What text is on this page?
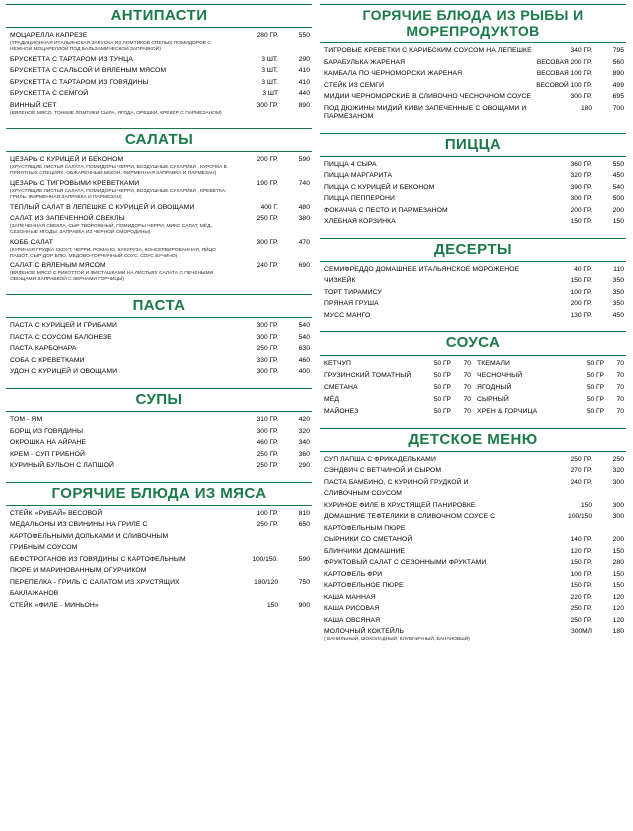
АНТИПАСТИ
МОЦАРЕЛЛА КАПРЕЗЕ
(ТРАДИЦИОННАЯ ИТАЛЬЯНСКАЯ ЗАКУСКА ИЗ ЛОМТИКОВ СПЕЛЫХ ПОМИДОРОВ С НЕЖНОЙ МОЦАРЕЛЛОЙ ПОД БАЛЬЗАМИЧЕСКОЙ ЗАПРАВКОЙ)
280 ГР.	550
БРУСКЕТТА С ТАРТАРОМ ИЗ ТУНЦА	3 ШТ.	290
БРУСКЕТТА С САЛЬСОЙ И ВЯЛЕНЫМ МЯСОМ	3 ШТ.	410
БРУСКЕТТА С ТАРТАРОМ ИЗ ГОВЯДИНЫ	3 ШТ.	410
БРУСКЕТТА С СЕМГОЙ	3 ШТ	440
ВИННЫЙ СЕТ
(ВЯЛЕНОЕ МЯСО, ТОНКИЕ ЛОМТИКИ СЫРА, ЯГОДА, ОРЕШКИ, КРЕКЕР С ПАРМЕЗАНОМ)
300 ГР.	890
САЛАТЫ
ЦЕЗАРЬ С КУРИЦЕЙ И БЕКОНОМ
(ХРУСТЯЩИЕ ЛИСТЬЯ САЛАТА, ПОМИДОРЫ ЧЕРРИ, ВОЗДУШНЫЕ СУХАРИКИ , КУРОЧКА В ПРИЯТНЫХ СПЕЦИЯХ, ОБЖАРЕННЫЙ БЕКОН, ФИРМЕННАЯ ЗАПРАВКА И ПАРМЕЗАН)
200 ГР.	590
ЦЕЗАРЬ С ТИГРОВЫМИ КРЕВЕТКАМИ
(ХРУСТЯЩИЕ ЛИСТЬЯ САЛАТА, ПОМИДОРЫ ЧЕРРИ, ВОЗДУШНЫЕ СУХАРИКИ , КРЕВЕТКА-ГРИЛЬ, ФИРМЕННАЯ ЗАПРАВКА И ПАРМЕЗАН)
190 ГР.	740
ТЕПЛЫЙ САЛАТ В ЛЕПЕШКЕ С КУРИЦЕЙ И ОВОЩАМИ	400 Г.	480
САЛАТ ИЗ ЗАПЕЧЕННОЙ СВЕКЛЫ
(ЗАПЕЧЕННАЯ СВЕКЛА, СЫР ТВОРОЖНЫЙ, ПОМИДОРЫ ЧЕРРИ, МИКС САЛАТ, МЁД, СЕЗОННЫЕ ЯГОДЫ, ЗАПРАВКА ИЗ ЧЕРНОЙ СМОРОДИНЫ)
250 ГР.	380
КОББ САЛАТ
(КУРИНАЯ ГРУДКА СКОУТ, ЧЕРРИ, РОМАНО, КУКУРУЗА, КОНСЕРВИРОВАННАЯ, ЯЙЦО ПАШОТ, СЫР ДОР БЛЮ, МЕДОВО-ГОРЧИЧНЫЙ СОУС, СОУС БУЧИНО)
300 ГР.	470
САЛАТ С ВЯЛЕНЫМ МЯСОМ
(ВЯЛЕНОЕ МЯСО С РИКОТТОЙ И ФИСТАШКАМИ НА ЛИСТЬЯХ САЛАТА С ПЕЧЕНЫМИ ОВОЩАМИ ЗАПРАВКОЙ С ЗЕРНАМИ ГОРЧИЦЫ)
240 ГР.	690
ПАСТА
ПАСТА С КУРИЦЕЙ И ГРИБАМИ	300 ГР.	540
ПАСТА С СОУСОМ БАЛОНЕЗЕ	300 ГР.	540
ПАСТА КАРБОНАРА	250 ГР.	630
СОБА С КРЕВЕТКАМИ	330 ГР.	460
УДОН С КУРИЦЕЙ И ОВОЩАМИ	300 ГР.	400
СУПЫ
ТОМ - ЯМ	310 ГР.	420
БОРЩ ИЗ ГОВЯДИНЫ	300 ГР.	320
ОКРОШКА НА АЙРАНЕ	460 ГР.	340
КРЕМ - СУП ГРИБНОЙ	250 ГР.	360
КУРИНЫЙ БУЛЬОН С ЛАПШОЙ	250 ГР.	290
ГОРЯЧИЕ БЛЮДА ИЗ МЯСА
СТЕЙК «РИБАЙ» ВЕСОВОЙ	100 ГР.	810
МЕДАЛЬОНЫ ИЗ СВИНИНЫ НА ГРИЛЕ С	250 ГР.	650
КАРТОФЕЛЬНЫМИ ДОЛЬКАМИ И СЛИВОЧНЫМ
ГРИБНЫМ СОУСОМ
БЕФСТРОГАНОВ ИЗ ГОВЯДИНЫ С КАРТОФЕЛЬНЫМ	100/150.	590
ПЮРЕ И МАРИНОВАННЫМ ОГУРЧИКОМ
ПЕРЕПЕЛКА - ГРИЛЬ С САЛАТОМ ИЗ ХРУСТЯЩИХ	180/120	750
БАКЛАЖАНОВ
СТЕЙК «ФИЛЕ - МИНЬОН»	150	900
ГОРЯЧИЕ БЛЮДА ИЗ РЫБЫ И МОРЕПРОДУКТОВ
ТИГРОВЫЕ КРЕВЕТКИ С КАРИБСКИМ СОУСОМ НА ЛЕПЕШКЕ	340 ГР.	795
БАРАБУЛЬКА ЖАРЕНАЯ	ВЕСОВАЯ 200 ГР.	560
КАМБАЛА ПО ЧЕРНОМОРСКИ ЖАРЕНАЯ	ВЕСОВАЯ 100 ГР.	890
СТЕЙК ИЗ СЕМГИ	ВЕСОВОЙ 100 ГР.	499
МИДИИ ЧЕРНОМОРСКИЕ В СЛИВОЧНО ЧЕСНОЧНОМ СОУСЕ	300 ГР.	695
ПОД ДЮЖИНЫ МИДИЙ КИВИ ЗАПЕЧЕННЫЕ С ОВОЩАМИ И ПАРМЕЗАНОМ
180	700
ПИЦЦА
ПИЦЦА 4 СЫРА	360 ГР.	550
ПИЦЦА МАРГАРИТА	320 ГР.	450
ПИЦЦА С КУРИЦЕЙ И БЕКОНОМ	390 ГР.	540
ПИЦЦА ПЕППЕРОНИ	300 ГР.	500
ФОКАЧЧА С ПЕСТО И ПАРМЕЗАНОМ	200 ГР.	200
ХЛЕБНАЯ КОРЗИНКА	150 ГР.	150
ДЕСЕРТЫ
СЕМИФРЕДДО ДОМАШНЕЕ ИТАЛЬЯНСКОЕ МОРОЖЕНОЕ	40 ГР.	110
ЧИЗКЕЙК	150 ГР.	350
ТОРТ ТИРАМИСУ	100 ГР.	350
ПРЯНАЯ ГРУША	200 ГР.	350
МУСС МАНГО	130 ГР.	450
СОУСА
КЕТЧУП	50 ГР	70
ГРУЗИНСКИЙ ТОМАТНЫЙ	50 ГР	70
СМЕТАНА	50 ГР	70
МЁД	50 ГР	70
МАЙОНЕЗ	50 ГР	70
ТКЕМАЛИ	50 ГР	70
ЧЕСНОЧНЫЙ	50 ГР	70
ЯГОДНЫЙ	50 ГР	70
СЫРНЫЙ	50 ГР	70
ХРЕН & ГОРЧИЦА	50 ГР	70
ДЕТСКОЕ МЕНЮ
СУП ЛАПША С ФРИКАДЕЛЬКАМИ	250 ГР.	250
СЭНДВИЧ С ВЕТЧИНОЙ И СЫРОМ	270 ГР.	320
ПАСТА БАМБИНО, С КУРИНОЙ ГРУДКОЙ И	240 ГР.	300
СЛИВОЧНЫМ СОУСОМ
КУРИНОЕ ФИЛЕ В ХРУСТЯЩЕЙ ПАНИРОВКЕ	150	300
ДОМАШНИЕ ТЕФТЕЛИКИ В СЛИВОЧНОМ СОУСЕ С	100/150	300
КАРТОФЕЛЬНЫМ ПЮРЕ
СЫРНИКИ СО СМЕТАНОЙ	140 ГР.	200
БЛИНЧИКИ ДОМАШНИЕ	120 ГР.	150
ФРУКТОВЫЙ САЛАТ С СЕЗОННЫМИ ФРУКТАМИ	150 ГР.	280
КАРТОФЕЛЬ ФРИ	100 ГР.	150
КАРТОФЕЛЬНОЕ ПЮРЕ	150 ГР.	150
КАША МАННАЯ	220 ГР.	120
КАША РИСОВАЯ	250 ГР.	120
КАША ОВСЯНАЯ	250 ГР.	120
МОЛОЧНЫЙ КОКТЕЙЛЬ
( ВАНИЛЬНЫЙ, ШОКОЛАДНЫЙ, КЛУБНИЧНЫЙ, БАНАНОВЫЙ)
300МЛ	180
